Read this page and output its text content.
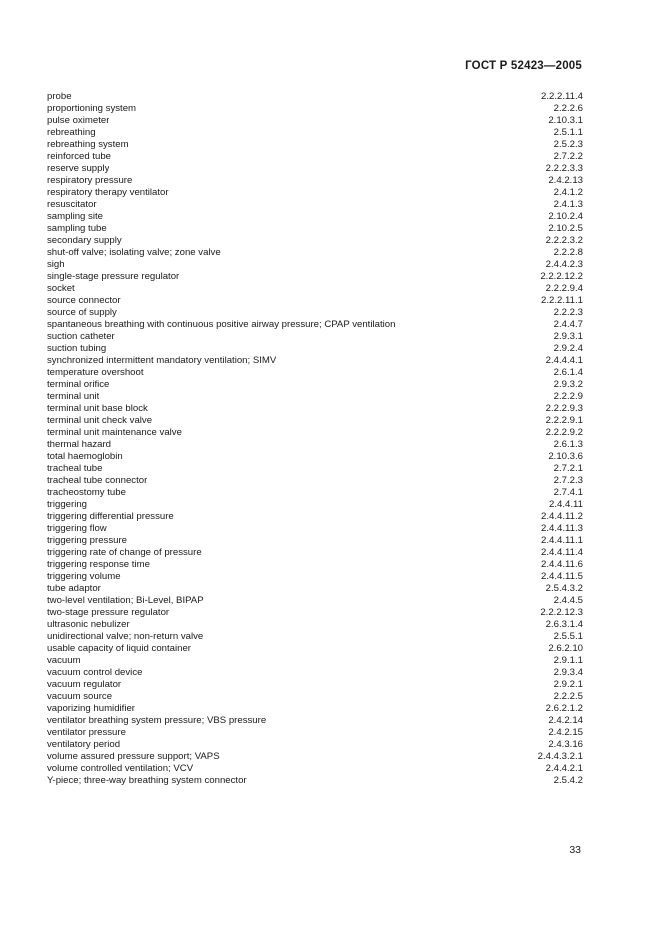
ГОСТ Р 52423—2005
probe	2.2.2.11.4
proportioning system	2.2.2.6
pulse oximeter	2.10.3.1
rebreathing	2.5.1.1
rebreathing system	2.5.2.3
reinforced tube	2.7.2.2
reserve supply	2.2.2.3.3
respiratory pressure	2.4.2.13
respiratory therapy ventilator	2.4.1.2
resuscitator	2.4.1.3
sampling site	2.10.2.4
sampling tube	2.10.2.5
secondary supply	2.2.2.3.2
shut-off valve; isolating valve; zone valve	2.2.2.8
sigh	2.4.4.2.3
single-stage pressure regulator	2.2.2.12.2
socket	2.2.2.9.4
source connector	2.2.2.11.1
source of supply	2.2.2.3
spantaneous breathing with continuous positive airway pressure; CPAP ventilation	2.4.4.7
suction catheter	2.9.3.1
suction tubing	2.9.2.4
synchronized intermittent mandatory ventilation; SIMV	2.4.4.4.1
temperature overshoot	2.6.1.4
terminal orifice	2.9.3.2
terminal unit	2.2.2.9
terminal unit base block	2.2.2.9.3
terminal unit check valve	2.2.2.9.1
terminal unit maintenance valve	2.2.2.9.2
thermal hazard	2.6.1.3
total haemoglobin	2.10.3.6
tracheal tube	2.7.2.1
tracheal tube connector	2.7.2.3
tracheostomy tube	2.7.4.1
triggering	2.4.4.11
triggering differential pressure	2.4.4.11.2
triggering flow	2.4.4.11.3
triggering pressure	2.4.4.11.1
triggering rate of change of pressure	2.4.4.11.4
triggering response time	2.4.4.11.6
triggering volume	2.4.4.11.5
tube adaptor	2.5.4.3.2
two-level ventilation; Bi-Level, BIPAP	2.4.4.5
two-stage pressure regulator	2.2.2.12.3
ultrasonic nebulizer	2.6.3.1.4
unidirectional valve; non-return valve	2.5.5.1
usable capacity of liquid container	2.6.2.10
vacuum	2.9.1.1
vacuum control device	2.9.3.4
vacuum regulator	2.9.2.1
vacuum source	2.2.2.5
vaporizing humidifier	2.6.2.1.2
ventilator breathing system pressure; VBS pressure	2.4.2.14
ventilator pressure	2.4.2.15
ventilatory period	2.4.3.16
volume assured pressure support; VAPS	2.4.4.3.2.1
volume controlled ventilation; VCV	2.4.4.2.1
Y-piece; three-way breathing system connector	2.5.4.2
33
